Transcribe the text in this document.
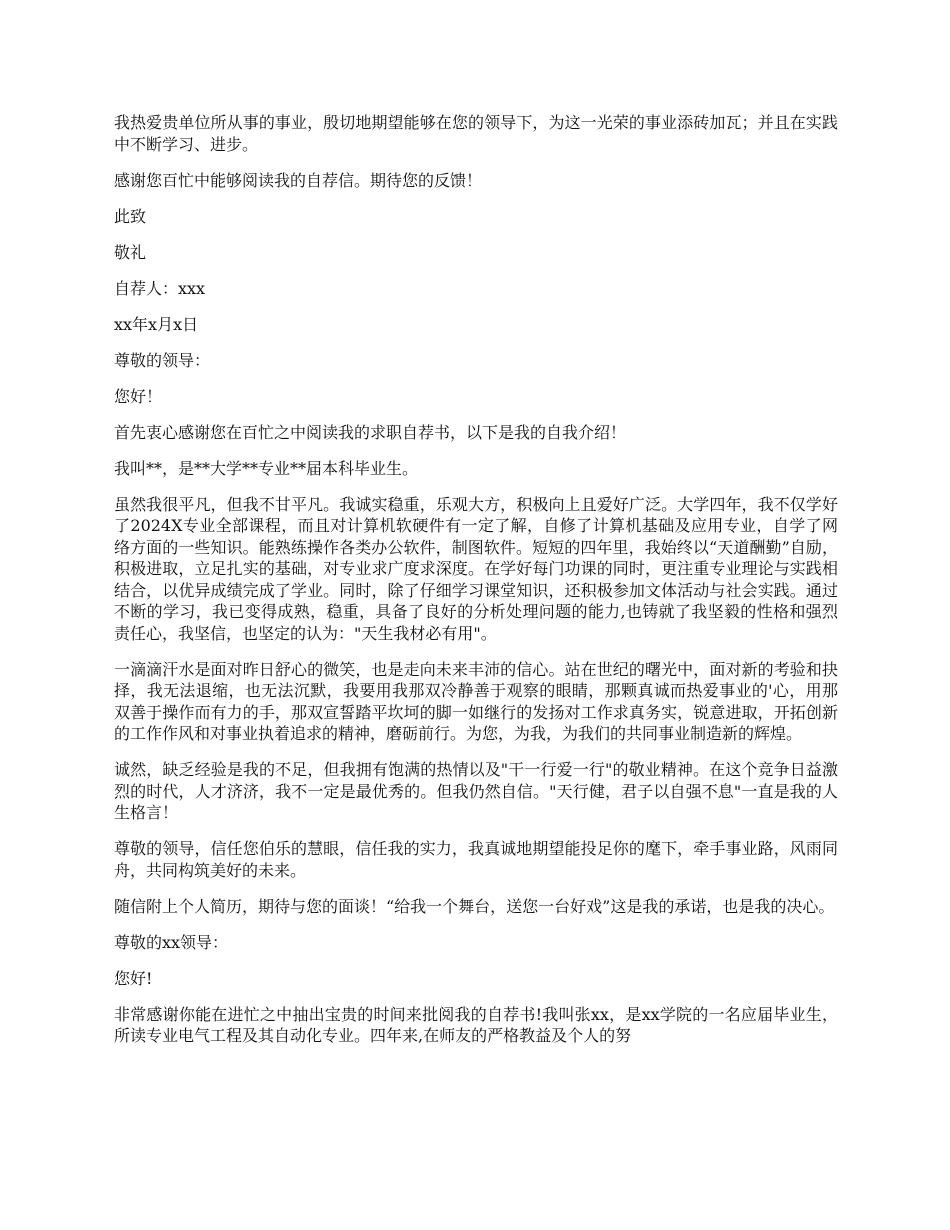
我热爱贵单位所从事的事业，殷切地期望能够在您的领导下，为这一光荣的事业添砖加瓦；并且在实践中不断学习、进步。

感谢您百忙中能够阅读我的自荐信。期待您的反馈！

此致

敬礼

自荐人：xxx

xx年x月x日

尊敬的领导：

您好！

首先衷心感谢您在百忙之中阅读我的求职自荐书，以下是我的自我介绍！

我叫**，是**大学**专业**届本科毕业生。

虽然我很平凡，但我不甘平凡。我诚实稳重，乐观大方，积极向上且爱好广泛。大学四年，我不仅学好了2024X专业全部课程，而且对计算机软硬件有一定了解，自修了计算机基础及应用专业，自学了网络方面的一些知识。能熟练操作各类办公软件，制图软件。短短的四年里，我始终以“天道酬勤”自励，积极进取，立足扎实的基础，对专业求广度求深度。在学好每门功课的同时，更注重专业理论与实践相结合，以优异成绩完成了学业。同时，除了仔细学习课堂知识，还积极参加文体活动与社会实践。通过不断的学习，我已变得成熟，稳重，具备了良好的分析处理问题的能力,也铸就了我坚毅的性格和强烈责任心，我坚信，也坚定的认为："天生我材必有用"。

一滴滴汗水是面对昨日舒心的微笑，也是走向未来丰沛的信心。站在世纪的曙光中，面对新的考验和抉择，我无法退缩，也无法沉默，我要用我那双冷静善于观察的眼睛，那颗真诚而热爱事业的'心，用那双善于操作而有力的手，那双宣誓踏平坎坷的脚一如继行的发扬对工作求真务实，锐意进取，开拓创新的工作作风和对事业执着追求的精神，磨砺前行。为您，为我，为我们的共同事业制造新的辉煌。

诚然，缺乏经验是我的不足，但我拥有饱满的热情以及"干一行爱一行"的敬业精神。在这个竞争日益激烈的时代，人才济济，我不一定是最优秀的。但我仍然自信。"天行健，君子以自强不息"一直是我的人生格言！

尊敬的领导，信任您伯乐的慧眼，信任我的实力，我真诚地期望能投足你的麾下，牵手事业路，风雨同舟，共同构筑美好的未来。

随信附上个人简历，期待与您的面谈！“给我一个舞台，送您一台好戏”这是我的承诺，也是我的决心。

尊敬的xx领导：

您好!

非常感谢你能在进忙之中抽出宝贵的时间来批阅我的自荐书!我叫张xx，是xx学院的一名应届毕业生，所读专业电气工程及其自动化专业。四年来,在师友的严格教益及个人的努
